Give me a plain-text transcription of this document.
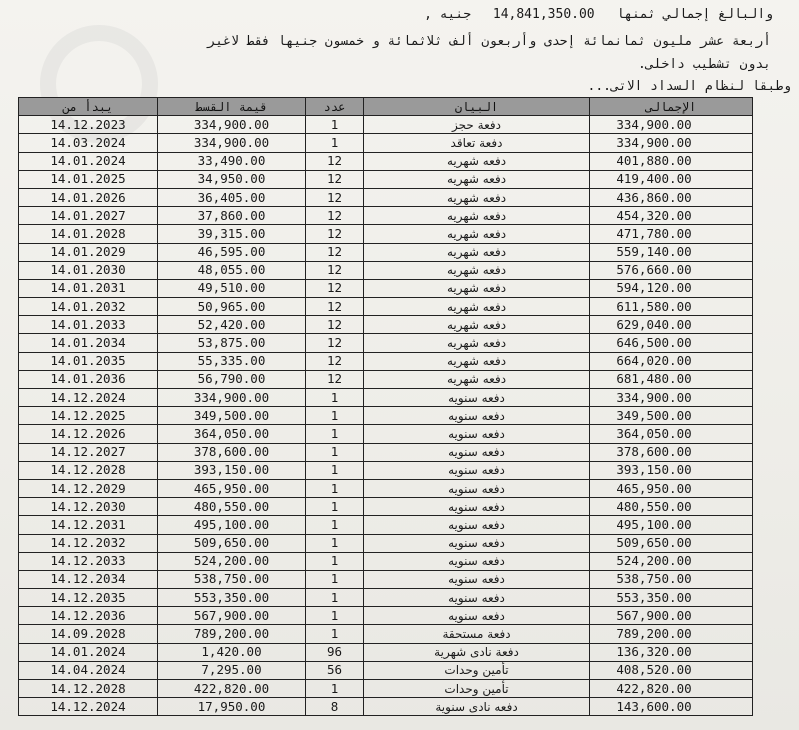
والبالغ إجمالي ثمنها 14,841,350.00 جنيه ,
أربعة عشر مليون ثمانمائة إحدى وأربعون ألف ثلاثمائة و خمسون جنيها فقط لاغير
بدون تشطيب داخلى.
وطبقا لنظام السداد الاتى...
يبدأ من	قيمة القسط	عدد	البيان	الإجمالى
14.12.2023	334,900.00	1	دفعة حجز	334,900.00
14.03.2024	334,900.00	1	دفعة تعاقد	334,900.00
14.01.2024	33,490.00	12	دفعه شهريه	401,880.00
14.01.2025	34,950.00	12	دفعه شهريه	419,400.00
14.01.2026	36,405.00	12	دفعه شهريه	436,860.00
14.01.2027	37,860.00	12	دفعه شهريه	454,320.00
14.01.2028	39,315.00	12	دفعه شهريه	471,780.00
14.01.2029	46,595.00	12	دفعه شهريه	559,140.00
14.01.2030	48,055.00	12	دفعه شهريه	576,660.00
14.01.2031	49,510.00	12	دفعه شهريه	594,120.00
14.01.2032	50,965.00	12	دفعه شهريه	611,580.00
14.01.2033	52,420.00	12	دفعه شهريه	629,040.00
14.01.2034	53,875.00	12	دفعه شهريه	646,500.00
14.01.2035	55,335.00	12	دفعه شهريه	664,020.00
14.01.2036	56,790.00	12	دفعه شهريه	681,480.00
14.12.2024	334,900.00	1	دفعه سنويه	334,900.00
14.12.2025	349,500.00	1	دفعه سنويه	349,500.00
14.12.2026	364,050.00	1	دفعه سنويه	364,050.00
14.12.2027	378,600.00	1	دفعه سنويه	378,600.00
14.12.2028	393,150.00	1	دفعه سنويه	393,150.00
14.12.2029	465,950.00	1	دفعه سنويه	465,950.00
14.12.2030	480,550.00	1	دفعه سنويه	480,550.00
14.12.2031	495,100.00	1	دفعه سنويه	495,100.00
14.12.2032	509,650.00	1	دفعه سنويه	509,650.00
14.12.2033	524,200.00	1	دفعه سنويه	524,200.00
14.12.2034	538,750.00	1	دفعه سنويه	538,750.00
14.12.2035	553,350.00	1	دفعه سنويه	553,350.00
14.12.2036	567,900.00	1	دفعه سنويه	567,900.00
14.09.2028	789,200.00	1	دفعة مستحقة	789,200.00
14.01.2024	1,420.00	96	دفعة نادى شهرية	136,320.00
14.04.2024	7,295.00	56	تأمين وحدات	408,520.00
14.12.2028	422,820.00	1	تأمين وحدات	422,820.00
14.12.2024	17,950.00	8	دفعه نادى سنوية	143,600.00
